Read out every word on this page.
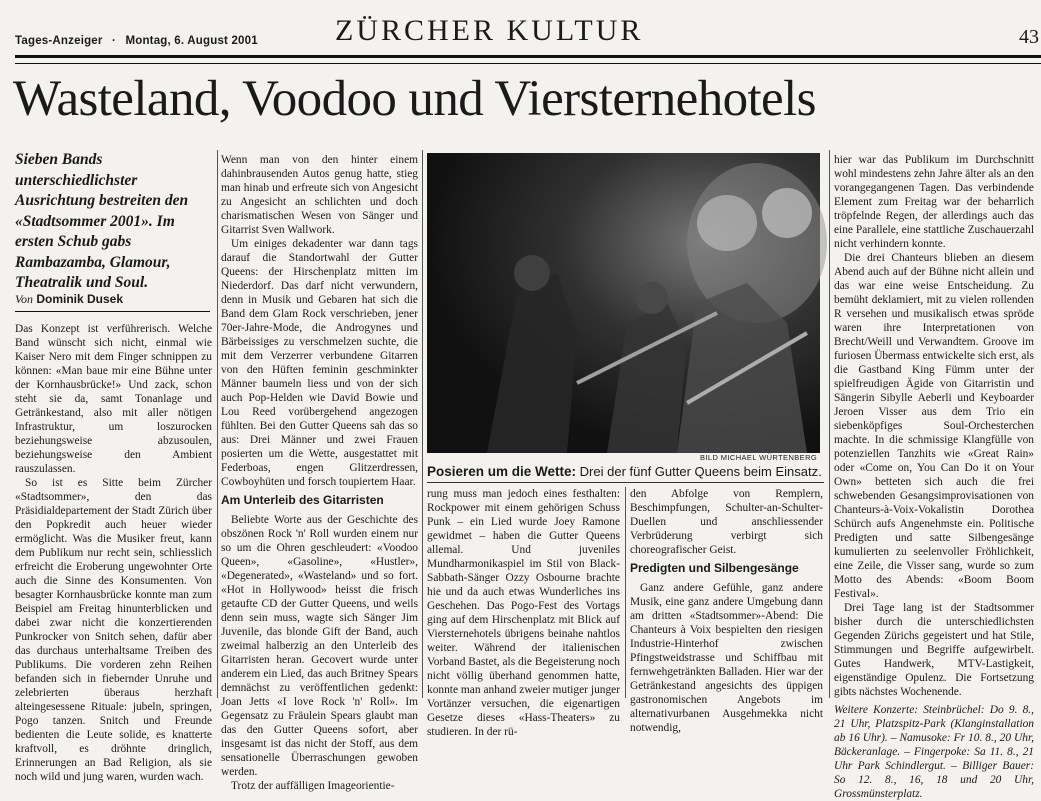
Tages-Anzeiger · Montag, 6. August 2001	ZÜRCHER KULTUR	43
Wasteland, Voodoo und Viersternehotels
Sieben Bands unterschiedlichster Ausrichtung bestreiten den «Stadtsommer 2001». Im ersten Schub gabs Rambazamba, Glamour, Theatralik und Soul.
Von Dominik Dusek

Das Konzept ist verführerisch. Welche Band wünscht sich nicht, einmal wie Kaiser Nero mit dem Finger schnippen zu können: «Man baue mir eine Bühne unter der Kornhausbrücke!» Und zack, schon steht sie da, samt Tonanlage und Getränkestand, also mit aller nötigen Infrastruktur, um loszurocken beziehungsweise abzusoulen, beziehungsweise den Ambient rauszulassen.

So ist es Sitte beim Zürcher «Stadtsommer», den das Präsidialdepartement der Stadt Zürich über den Popkredit auch heuer wieder ermöglicht. Was die Musiker freut, kann dem Publikum nur recht sein, schliesslich erfreicht die Eroberung ungewohnter Orte auch die Sinne des Konsumenten. Von besagter Kornhausbrücke konnte man zum Beispiel am Freitag hinunterblicken und dabei zwar nicht die konzertierenden Punkrocker von Snitch sehen, dafür aber das durchaus unterhaltsame Treiben des Publikums. Die vorderen zehn Reihen befanden sich in fiebernder Unruhe und zelebrierten überaus herzhaft alteingesessene Rituale: jubeln, springen, Pogo tanzen. Snitch und Freunde bedienten die Leute solide, es knatterte kraftvoll, es dröhnte dringlich, Erinnerungen an Bad Religion, als sie noch wild und jung waren, wurden wach.

Wenn man von den hinter einem dahinbrausenden Autos genug hatte, stieg man hinab und erfreute sich von Angesicht zu Angesicht an schlichten und doch charismatischen Wesen von Sänger und Gitarrist Sven Wallwork.

Um einiges dekadenter war dann tags darauf die Standortwahl der Gutter Queens: der Hirschenplatz mitten im Niederdorf. Das darf nicht verwundern, denn in Musik und Gebaren hat sich die Band dem Glam Rock verschrieben, jener 70er-Jahre-Mode, die Androgynes und Bärbeissiges zu verschmelzen suchte, die mit dem Verzerrer verbundene Gitarren von den Hüften feminin geschminkter Männer baumeln liess und von der sich auch Pop-Helden wie David Bowie und Lou Reed vorübergehend angezogen fühlten. Bei den Gutter Queens sah das so aus: Drei Männer und zwei Frauen posierten um die Wette, ausgestattet mit Federboas, engen Glitzerdressen, Cowboyhüten und forsch toupiertem Haar.

Am Unterleib des Gitarristen

Beliebte Worte aus der Geschichte des obszönen Rock 'n' Roll wurden einem nur so um die Ohren geschleudert: «Voodoo Queen», «Gasoline», «Hustler», «Degenerated», «Wasteland» und so fort. «Hot in Hollywood» heisst die frisch getaufte CD der Gutter Queens, und weils denn sein muss, wagte sich Sänger Jim Juvenile, das blonde Gift der Band, auch zweimal halberzig an den Unterleib des Gitarristen heran. Gecovert wurde unter anderem ein Lied, das auch Britney Spears demnächst zu veröffentlichen gedenkt: Joan Jetts «I love Rock 'n' Roll». Im Gegensatz zu Fräulein Spears glaubt man das den Gutter Queens sofort, aber insgesamt ist das nicht der Stoff, aus dem sensationelle Überraschungen gewoben werden.

Trotz der auffälligen Imageorientie-

BILD MICHAEL WÜRTENBERG
Posieren um die Wette: Drei der fünf Gutter Queens beim Einsatz.

rung muss man jedoch eines festhalten: Rockpower mit einem gehörigen Schuss Punk – ein Lied wurde Joey Ramone gewidmet – haben die Gutter Queens allemal. Und juveniles Mundharmonikaspiel im Stil von Black-Sabbath-Sänger Ozzy Osbourne brachte hie und da auch etwas Wunderliches ins Geschehen. Das Pogo-Fest des Vortags ging auf dem Hirschenplatz mit Blick auf Viersternehotels übrigens beinahe nahtlos weiter. Während der italienischen Vorband Bastet, als die Begeisterung noch nicht völlig überhand genommen hatte, konnte man anhand zweier mutiger junger Vortänzer versuchen, die eigenartigen Gesetze dieses «Hass-Theaters» zu studieren. In der rü-

den Abfolge von Remplern, Beschimpfungen, Schulter-an-Schulter-Duellen und anschliessender Verbrüderung verbirgt sich choreografischer Geist.

Predigten und Silbengesänge

Ganz andere Gefühle, ganz andere Musik, eine ganz andere Umgebung dann am dritten «Stadtsommer»-Abend: Die Chanteurs à Voix bespielten den riesigen Industrie-Hinterhof zwischen Pfingstweidstrasse und Schiffbau mit fernwehgetränkten Balladen. Hier war der Getränkestand angesichts des üppigen gastronomischen Angebots im alternativurbanen Ausgehmekka nicht notwendig,

hier war das Publikum im Durchschnitt wohl mindestens zehn Jahre älter als an den vorangegangenen Tagen. Das verbindende Element zum Freitag war der beharrlich tröpfelnde Regen, der allerdings auch das eine Parallele, eine stattliche Zuschauerzahl nicht verhindern konnte.

Die drei Chanteurs blieben an diesem Abend auch auf der Bühne nicht allein und das war eine weise Entscheidung. Zu bemüht deklamiert, mit zu vielen rollenden R versehen und musikalisch etwas spröde waren ihre Interpretationen von Brecht/Weill und Verwandtem. Groove im furiosen Übermass entwickelte sich erst, als die Gastband King Fümm unter der spielfreudigen Ägide von Gitarristin und Sängerin Sibylle Aeberli und Keyboarder Jeroen Visser aus dem Trio ein siebenköpfiges Soul-Orchesterchen machte. In die schmissige Klangfülle von potenziellen Tanzhits wie «Great Rain» oder «Come on, You Can Do it on Your Own» betteten sich auch die frei schwebenden Gesangsimprovisationen von Chanteurs-à-Voix-Vokalistin Dorothea Schürch aufs Angenehmste ein. Politische Predigten und satte Silbengesänge kumulierten zu seelenvoller Fröhlichkeit, eine Zeile, die Visser sang, wurde so zum Motto des Abends: «Boom Boom Festival».

Drei Tage lang ist der Stadtsommer bisher durch die unterschiedlichsten Gegenden Zürichs gegeistert und hat Stile, Stimmungen und Begriffe aufgewirbelt. Gutes Handwerk, MTV-Lastigkeit, eigenständige Opulenz. Die Fortsetzung gibts nächstes Wochenende.

Weitere Konzerte: Steinbrüchel: Do 9. 8., 21 Uhr, Platzspitz-Park (Klanginstallation ab 16 Uhr). – Namusoke: Fr 10. 8., 20 Uhr, Bäckeranlage. – Fingerpoke: Sa 11. 8., 21 Uhr Park Schindlergut. – Billiger Bauer: So 12. 8., 16, 18 und 20 Uhr, Grossmünsterplatz.
